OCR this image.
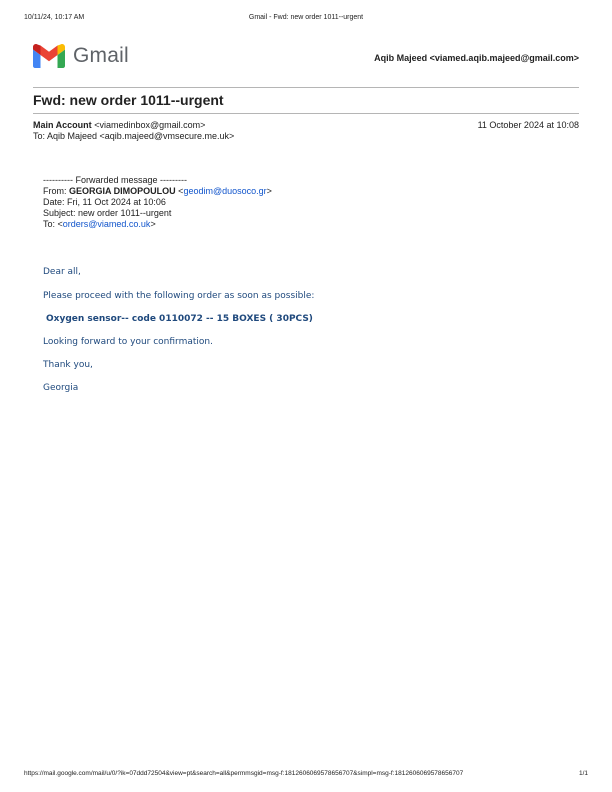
10/11/24, 10:17 AM	Gmail - Fwd: new order 1011--urgent
Gmail	Aqib Majeed <viamed.aqib.majeed@gmail.com>
Fwd: new order 1011--urgent
Main Account <viamedinbox@gmail.com>	11 October 2024 at 10:08
To: Aqib Majeed <aqib.majeed@vmsecure.me.uk>
---------- Forwarded message ---------
From: GEORGIA DIMOPOULOU <geodim@duosoco.gr>
Date: Fri, 11 Oct 2024 at 10:06
Subject: new order 1011--urgent
To: <orders@viamed.co.uk>
Dear all,
Please proceed with the following order as soon as possible:
Oxygen sensor-- code 0110072 -- 15 BOXES ( 30PCS)
Looking forward to your confirmation.
Thank you,
Georgia
https://mail.google.com/mail/u/0/?ik=07ddd72504&view=pt&search=all&permmsgid=msg-f:1812606069578656707&simpl=msg-f:1812606069578656707	1/1
